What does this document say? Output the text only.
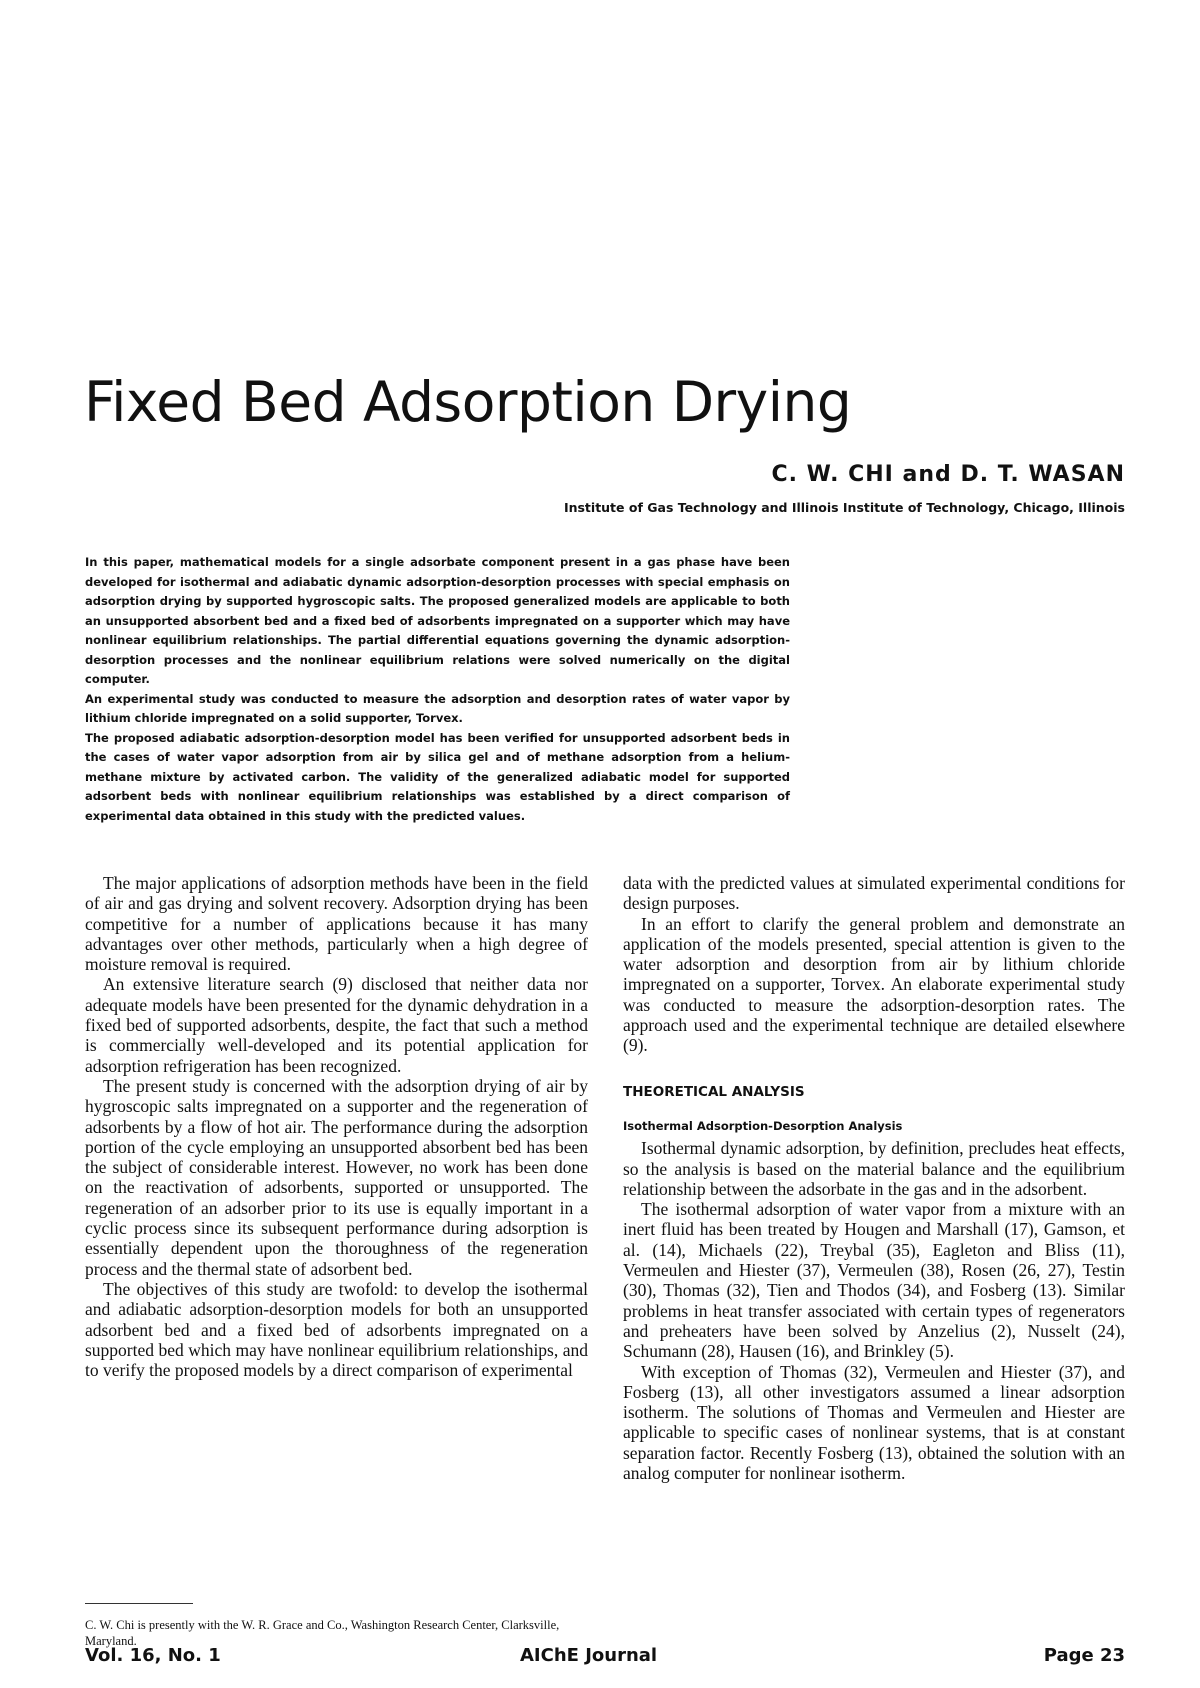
Fixed Bed Adsorption Drying
C. W. CHI and D. T. WASAN
Institute of Gas Technology and Illinois Institute of Technology, Chicago, Illinois

In this paper, mathematical models for a single adsorbate component present in a gas phase have been developed for isothermal and adiabatic dynamic adsorption-desorption processes with special emphasis on adsorption drying by supported hygroscopic salts. The proposed generalized models are applicable to both an unsupported absorbent bed and a fixed bed of adsorbents impregnated on a supporter which may have nonlinear equilibrium relationships. The partial differential equations governing the dynamic adsorption-desorption processes and the nonlinear equilibrium relations were solved numerically on the digital computer.

An experimental study was conducted to measure the adsorption and desorption rates of water vapor by lithium chloride impregnated on a solid supporter, Torvex.

The proposed adiabatic adsorption-desorption model has been verified for unsupported adsorbent beds in the cases of water vapor adsorption from air by silica gel and of methane adsorption from a helium-methane mixture by activated carbon. The validity of the generalized adiabatic model for supported adsorbent beds with nonlinear equilibrium relationships was established by a direct comparison of experimental data obtained in this study with the predicted values.

The major applications of adsorption methods have been in the field of air and gas drying and solvent recovery. Adsorption drying has been competitive for a number of applications because it has many advantages over other methods, particularly when a high degree of moisture removal is required.

An extensive literature search (9) disclosed that neither data nor adequate models have been presented for the dynamic dehydration in a fixed bed of supported adsorbents, despite, the fact that such a method is commercially well-developed and its potential application for adsorption refrigeration has been recognized.

The present study is concerned with the adsorption drying of air by hygroscopic salts impregnated on a supporter and the regeneration of adsorbents by a flow of hot air. The performance during the adsorption portion of the cycle employing an unsupported absorbent bed has been the subject of considerable interest. However, no work has been done on the reactivation of adsorbents, supported or unsupported. The regeneration of an adsorber prior to its use is equally important in a cyclic process since its subsequent performance during adsorption is essentially dependent upon the thoroughness of the regeneration process and the thermal state of adsorbent bed.

The objectives of this study are twofold: to develop the isothermal and adiabatic adsorption-desorption models for both an unsupported adsorbent bed and a fixed bed of adsorbents impregnated on a supported bed which may have nonlinear equilibrium relationships, and to verify the proposed models by a direct comparison of experimental

C. W. Chi is presently with the W. R. Grace and Co., Washington Research Center, Clarksville, Maryland.

data with the predicted values at simulated experimental conditions for design purposes.

In an effort to clarify the general problem and demonstrate an application of the models presented, special attention is given to the water adsorption and desorption from air by lithium chloride impregnated on a supporter, Torvex. An elaborate experimental study was conducted to measure the adsorption-desorption rates. The approach used and the experimental technique are detailed elsewhere (9).

THEORETICAL ANALYSIS
Isothermal Adsorption-Desorption Analysis

Isothermal dynamic adsorption, by definition, precludes heat effects, so the analysis is based on the material balance and the equilibrium relationship between the adsorbate in the gas and in the adsorbent.

The isothermal adsorption of water vapor from a mixture with an inert fluid has been treated by Hougen and Marshall (17), Gamson, et al. (14), Michaels (22), Treybal (35), Eagleton and Bliss (11), Vermeulen and Hiester (37), Vermeulen (38), Rosen (26, 27), Testin (30), Thomas (32), Tien and Thodos (34), and Fosberg (13). Similar problems in heat transfer associated with certain types of regenerators and preheaters have been solved by Anzelius (2), Nusselt (24), Schumann (28), Hausen (16), and Brinkley (5).

With exception of Thomas (32), Vermeulen and Hiester (37), and Fosberg (13), all other investigators assumed a linear adsorption isotherm. The solutions of Thomas and Vermeulen and Hiester are applicable to specific cases of nonlinear systems, that is at constant separation factor. Recently Fosberg (13), obtained the solution with an analog computer for nonlinear isotherm.

Vol. 16, No. 1	AIChE Journal	Page 23
